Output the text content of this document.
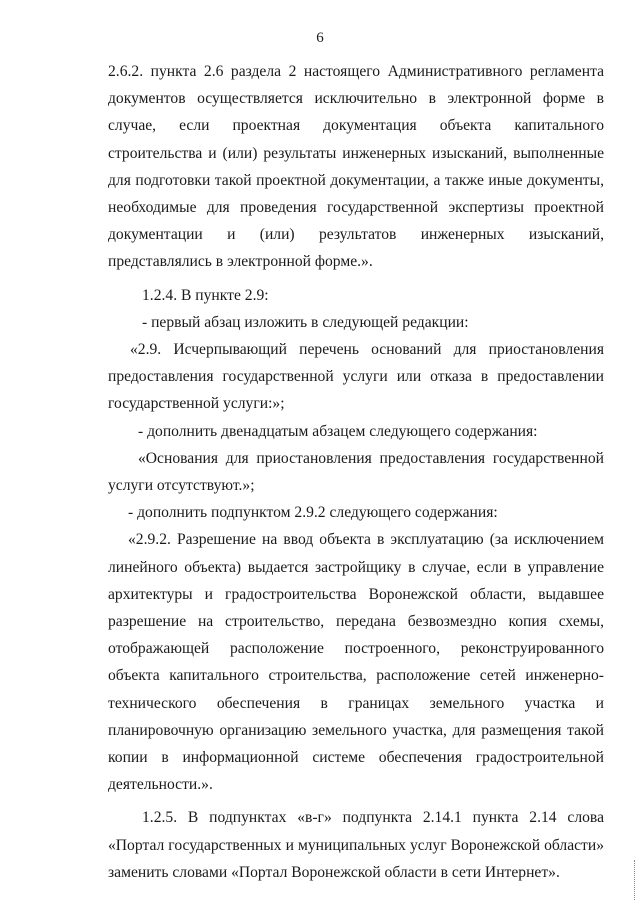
6

2.6.2. пункта 2.6 раздела 2 настоящего Административного регламента документов осуществляется исключительно в электронной форме в случае, если проектная документация объекта капитального строительства и (или) результаты инженерных изысканий, выполненные для подготовки такой проектной документации, а также иные документы, необходимые для проведения государственной экспертизы проектной документации и (или) результатов инженерных изысканий, представлялись в электронной форме.».

1.2.4. В пункте 2.9:

- первый абзац изложить в следующей редакции:

«2.9. Исчерпывающий перечень оснований для приостановления предоставления государственной услуги или отказа в предоставлении государственной услуги:»;

- дополнить двенадцатым абзацем следующего содержания:

«Основания для приостановления предоставления государственной услуги отсутствуют.»;

- дополнить подпунктом 2.9.2 следующего содержания:

«2.9.2. Разрешение на ввод объекта в эксплуатацию (за исключением линейного объекта) выдается застройщику в случае, если в управление архитектуры и градостроительства Воронежской области, выдавшее разрешение на строительство, передана безвозмездно копия схемы, отображающей расположение построенного, реконструированного объекта капитального строительства, расположение сетей инженерно-технического обеспечения в границах земельного участка и планировочную организацию земельного участка, для размещения такой копии в информационной системе обеспечения градостроительной деятельности.».

1.2.5. В подпунктах «в-г» подпункта 2.14.1 пункта 2.14 слова «Портал государственных и муниципальных услуг Воронежской области» заменить словами «Портал Воронежской области в сети Интернет».
